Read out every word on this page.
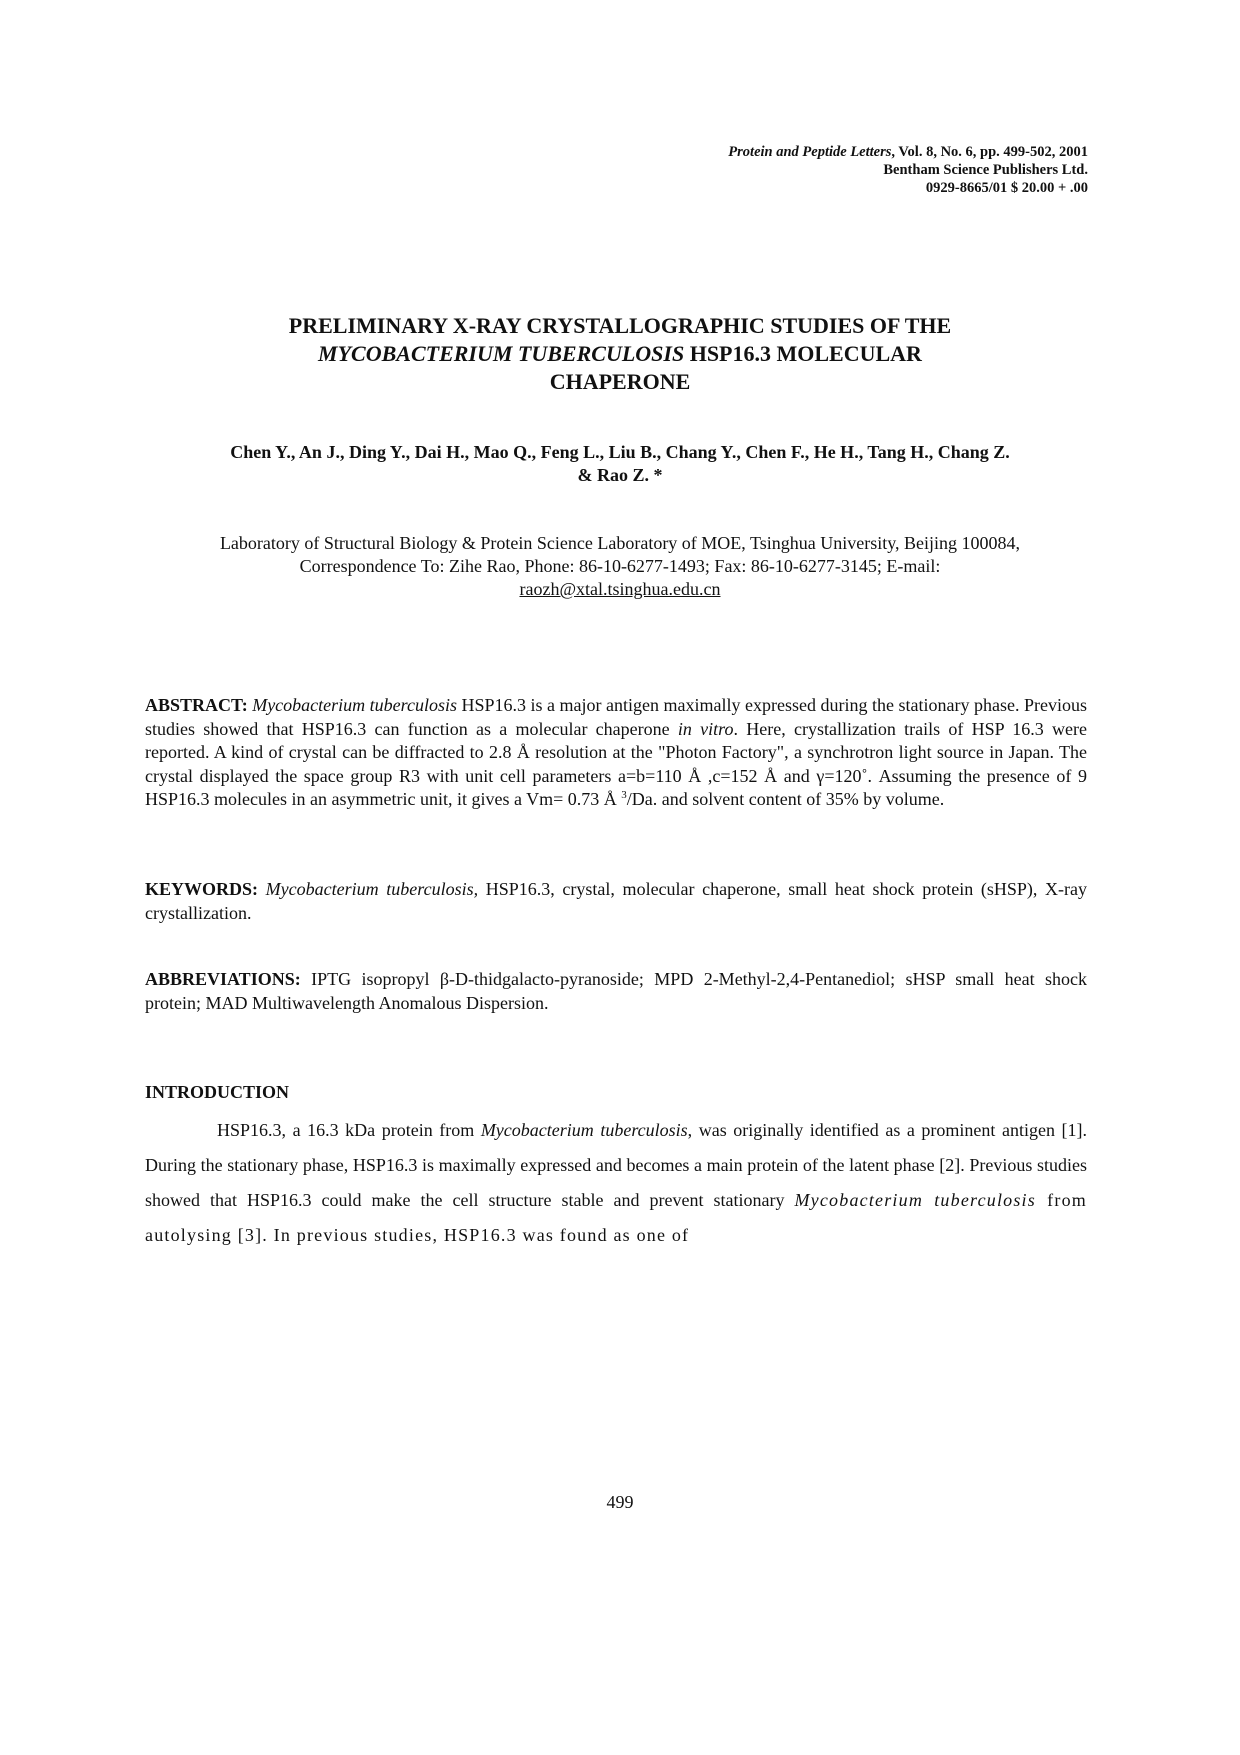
Protein and Peptide Letters, Vol. 8, No. 6, pp. 499-502, 2001
Bentham Science Publishers Ltd.
0929-8665/01 $ 20.00 + .00
PRELIMINARY X-RAY CRYSTALLOGRAPHIC STUDIES OF THE
MYCOBACTERIUM TUBERCULOSIS HSP16.3 MOLECULAR
CHAPERONE
Chen Y., An J., Ding Y., Dai H., Mao Q., Feng L., Liu B., Chang Y., Chen F., He H., Tang H., Chang Z.
& Rao Z. *
Laboratory of Structural Biology & Protein Science Laboratory of MOE, Tsinghua University, Beijing 100084,
Correspondence To: Zihe Rao, Phone: 86-10-6277-1493; Fax: 86-10-6277-3145; E-mail:
raozh@xtal.tsinghua.edu.cn
ABSTRACT: Mycobacterium tuberculosis HSP16.3 is a major antigen maximally expressed during the stationary phase. Previous studies showed that HSP16.3 can function as a molecular chaperone in vitro. Here, crystallization trails of HSP 16.3 were reported. A kind of crystal can be diffracted to 2.8 Å resolution at the "Photon Factory", a synchrotron light source in Japan. The crystal displayed the space group R3 with unit cell parameters a=b=110 Å ,c=152 Å and γ=120˚. Assuming the presence of 9 HSP16.3 molecules in an asymmetric unit, it gives a Vm= 0.73 Å $^3$/Da. and solvent content of 35% by volume.
KEYWORDS: Mycobacterium tuberculosis, HSP16.3, crystal, molecular chaperone, small heat shock protein (sHSP), X-ray crystallization.
ABBREVIATIONS: IPTG isopropyl β-D-thidgalacto-pyranoside; MPD 2-Methyl-2,4-Pentanediol; sHSP small heat shock protein; MAD Multiwavelength Anomalous Dispersion.
INTRODUCTION
HSP16.3, a 16.3 kDa protein from Mycobacterium tuberculosis, was originally identified as a prominent antigen [1]. During the stationary phase, HSP16.3 is maximally expressed and becomes a main protein of the latent phase [2]. Previous studies showed that HSP16.3 could make the cell structure stable and prevent stationary Mycobacterium tuberculosis from autolysing [3]. In previous studies, HSP16.3 was found as one of
499
